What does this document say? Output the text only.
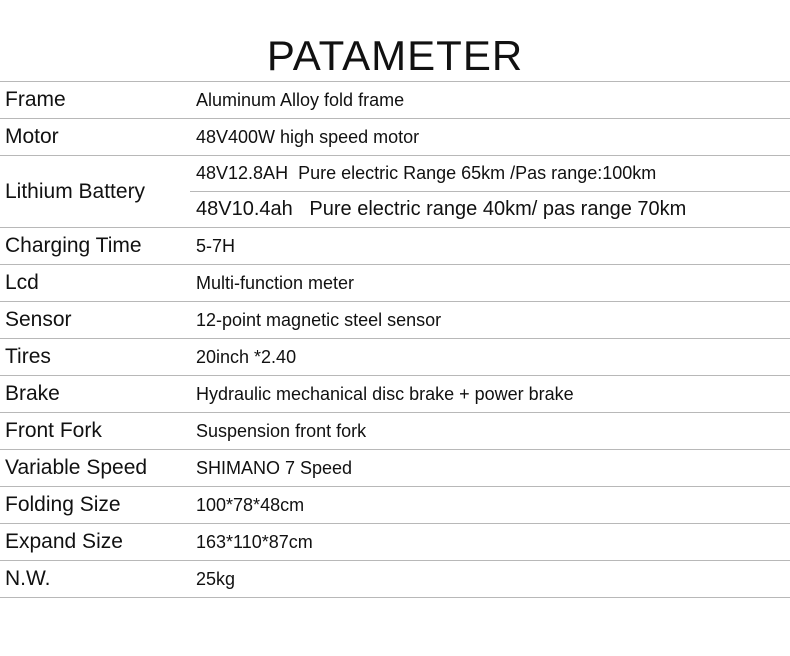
PATAMETER
Frame	Aluminum Alloy fold frame
Motor	48V400W high speed motor
Lithium Battery	48V12.8AH  Pure electric Range 65km /Pas range:100km
	48V10.4ah   Pure electric range 40km/ pas range 70km
Charging Time	5-7H
Lcd	Multi-function meter
Sensor	12-point magnetic steel sensor
Tires	20inch *2.40
Brake	Hydraulic mechanical disc brake + power brake
Front Fork	Suspension front fork
Variable Speed	SHIMANO 7 Speed
Folding Size	100*78*48cm
Expand Size	163*110*87cm
N.W.	25kg
